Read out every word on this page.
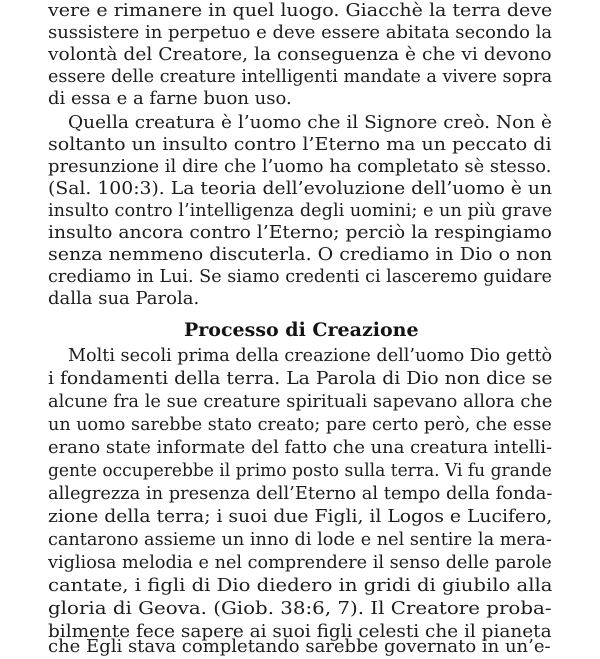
vere e rimanere in quel luogo. Giacchè la terra deve
sussistere in perpetuo e deve essere abitata secondo la
volontà del Creatore, la conseguenza è che vi devono
essere delle creature intelligenti mandate a vivere sopra
di essa e a farne buon uso.
Quella creatura è l’uomo che il Signore creò. Non è
soltanto un insulto contro l’Eterno ma un peccato di
presunzione il dire che l’uomo ha completato sè stesso.
(Sal. 100:3). La teoria dell’evoluzione dell’uomo è un
insulto contro l’intelligenza degli uomini; e un più grave
insulto ancora contro l’Eterno; perciò la respingiamo
senza nemmeno discuterla. O crediamo in Dio o non
crediamo in Lui. Se siamo credenti ci lasceremo guidare
dalla sua Parola.
Processo di Creazione
Molti secoli prima della creazione dell’uomo Dio gettò
i fondamenti della terra. La Parola di Dio non dice se
alcune fra le sue creature spirituali sapevano allora che
un uomo sarebbe stato creato; pare certo però, che esse
erano state informate del fatto che una creatura intelli-
gente occuperebbe il primo posto sulla terra. Vi fu grande
allegrezza in presenza dell’Eterno al tempo della fonda-
zione della terra; i suoi due Figli, il Logos e Lucifero,
cantarono assieme un inno di lode e nel sentire la mera-
vigliosa melodia e nel comprendere il senso delle parole
cantate, i figli di Dio diedero in gridi di giubilo alla
gloria di Geova. (Giob. 38:6, 7). Il Creatore proba-
bilmente fece sapere ai suoi figli celesti che il pianeta
che Egli stava completando sarebbe governato in un’e-
